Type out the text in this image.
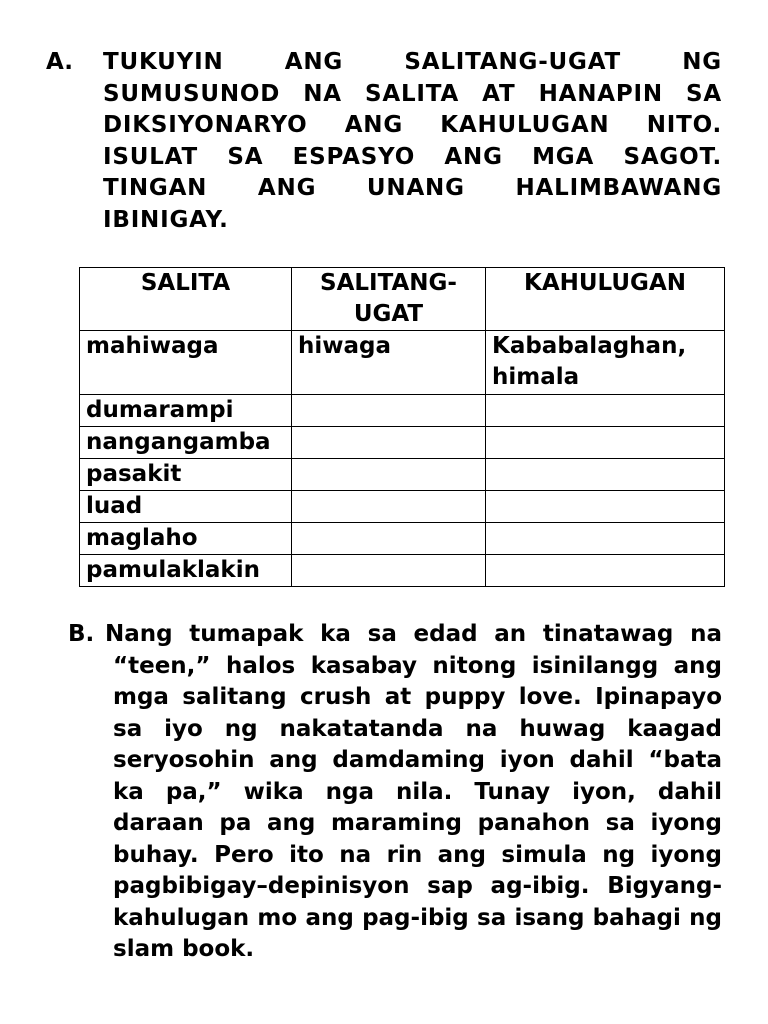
A. TUKUYIN ANG SALITANG-UGAT NG SUMUSUNOD NA SALITA AT HANAPIN SA DIKSIYONARYO ANG KAHULUGAN NITO. ISULAT SA ESPASYO ANG MGA SAGOT. TINGAN ANG UNANG HALIMBAWANG IBINIGAY.
SALITA	SALITANG-UGAT	KAHULUGAN
mahiwaga	hiwaga	Kababalaghan, himala
dumarampi		
nangangamba		
pasakit		
luad		
maglaho		
pamulaklakin		
B. Nang tumapak ka sa edad an tinatawag na “teen,” halos kasabay nitong isinilangg ang mga salitang crush at puppy love. Ipinapayo sa iyo ng nakatatanda na huwag kaagad seryosohin ang damdaming iyon dahil “bata ka pa,” wika nga nila. Tunay iyon, dahil daraan pa ang maraming panahon sa iyong buhay. Pero ito na rin ang simula ng iyong pagbibigay–depinisyon sap ag-ibig. Bigyang-kahulugan mo ang pag-ibig sa isang bahagi ng slam book.
